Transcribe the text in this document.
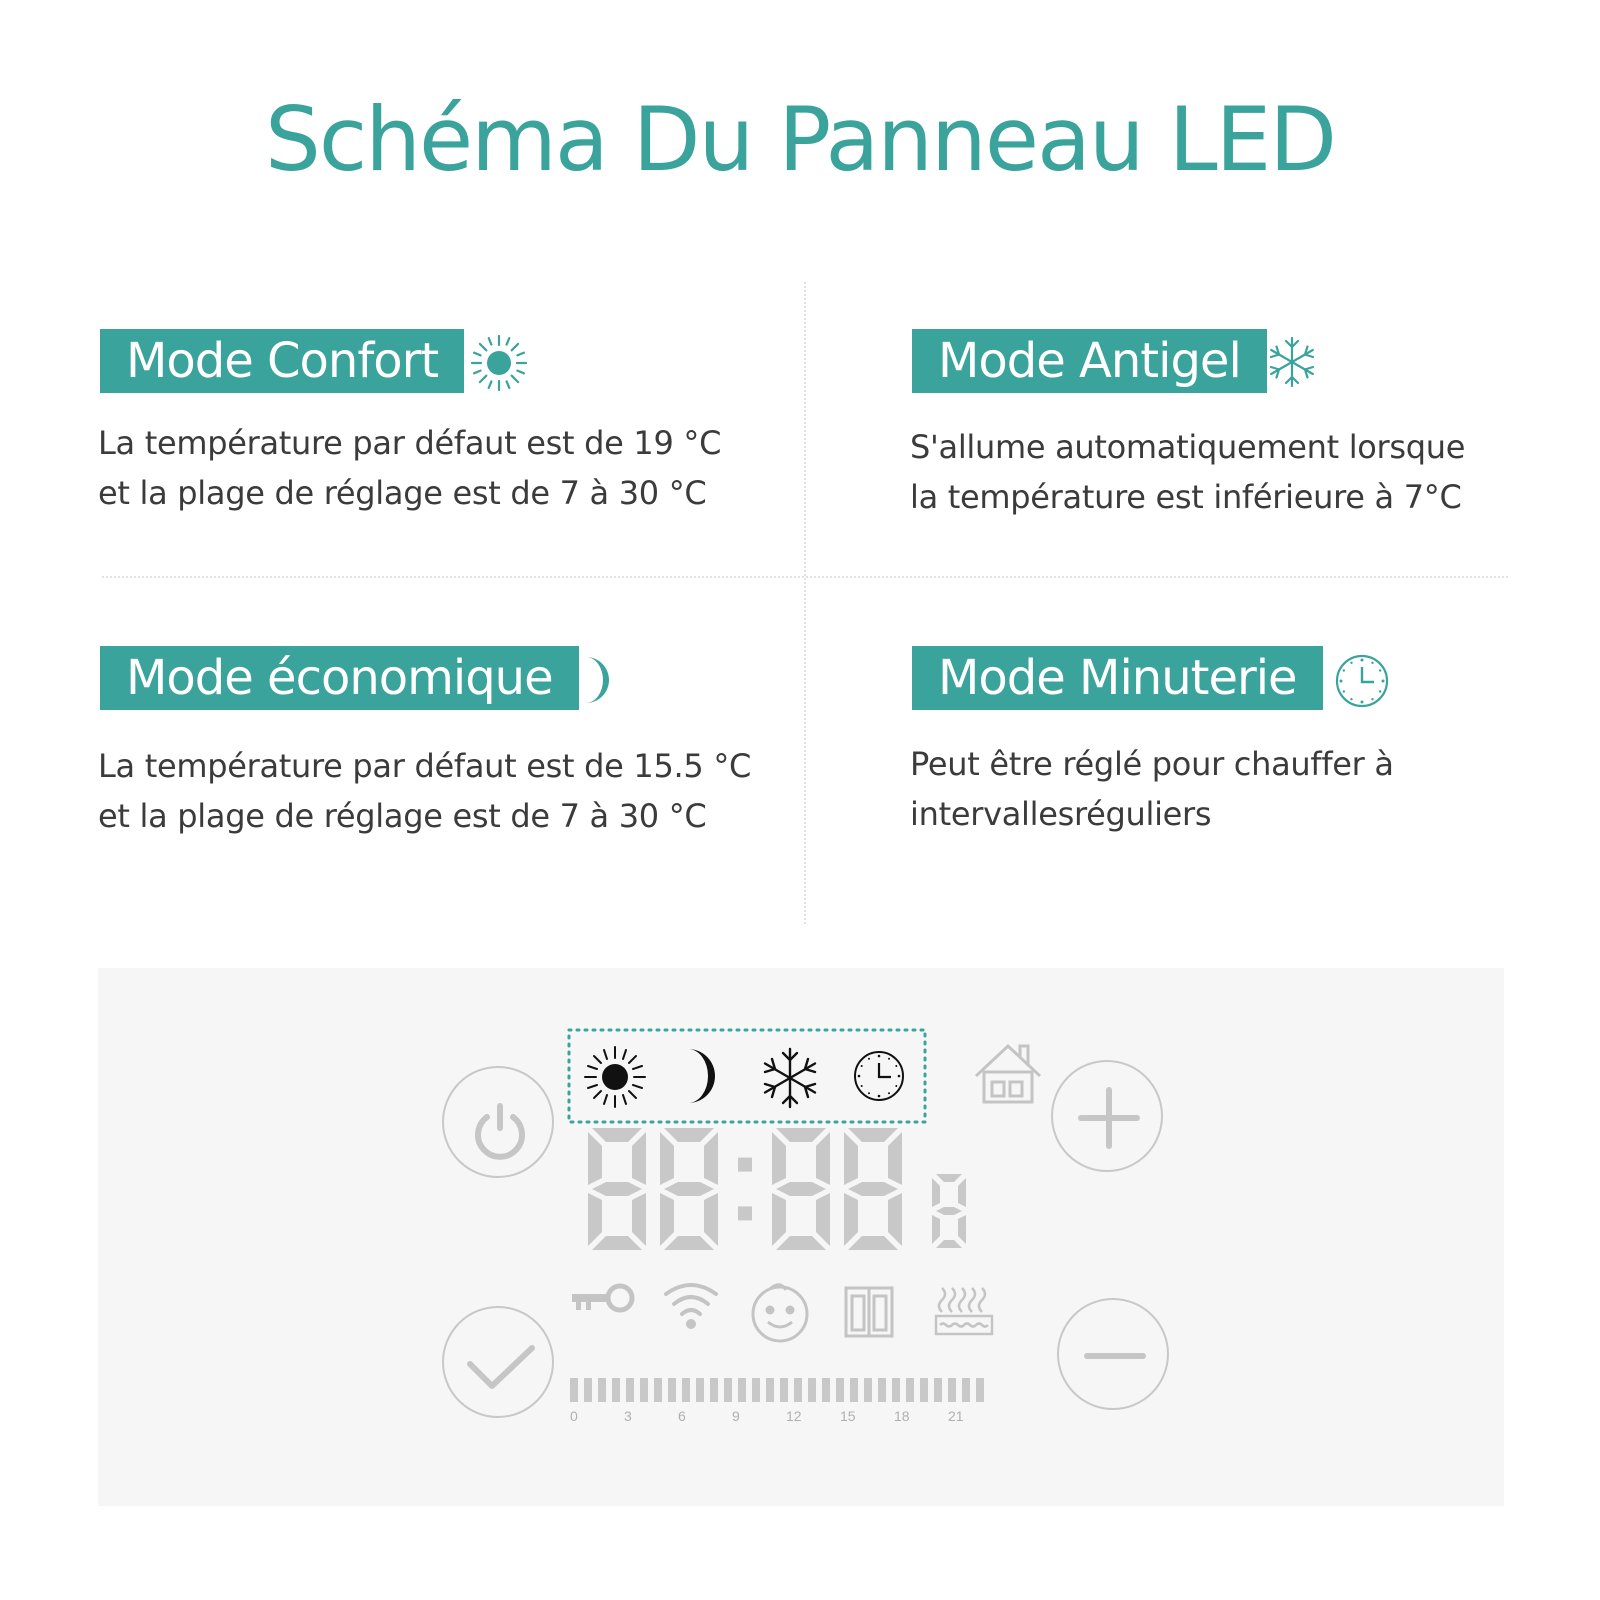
Schéma Du Panneau LED
Mode Confort
La température par défaut est de 19 °C
et la plage de réglage est de 7 à 30 °C
Mode Antigel
S'allume automatiquement lorsque
la température est inférieure à 7°C
Mode économique
La température par défaut est de 15.5 °C
et la plage de réglage est de 7 à 30 °C
Mode Minuterie
Peut être réglé pour chauffer à
intervallesréguliers
0	3	6	9	12	15	18	21
